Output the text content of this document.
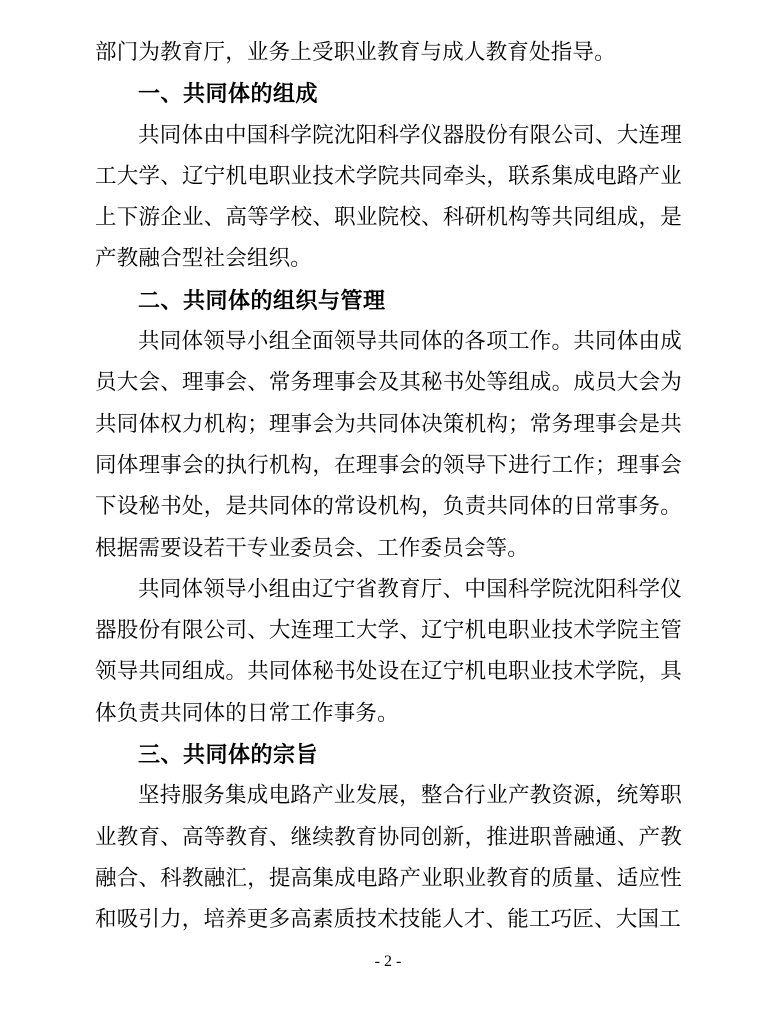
部门为教育厅，业务上受职业教育与成人教育处指导。

一、共同体的组成

共同体由中国科学院沈阳科学仪器股份有限公司、大连理工大学、辽宁机电职业技术学院共同牵头，联系集成电路产业上下游企业、高等学校、职业院校、科研机构等共同组成，是产教融合型社会组织。

二、共同体的组织与管理

共同体领导小组全面领导共同体的各项工作。共同体由成员大会、理事会、常务理事会及其秘书处等组成。成员大会为共同体权力机构；理事会为共同体决策机构；常务理事会是共同体理事会的执行机构，在理事会的领导下进行工作；理事会下设秘书处，是共同体的常设机构，负责共同体的日常事务。根据需要设若干专业委员会、工作委员会等。

共同体领导小组由辽宁省教育厅、中国科学院沈阳科学仪器股份有限公司、大连理工大学、辽宁机电职业技术学院主管领导共同组成。共同体秘书处设在辽宁机电职业技术学院，具体负责共同体的日常工作事务。

三、共同体的宗旨

坚持服务集成电路产业发展，整合行业产教资源，统筹职业教育、高等教育、继续教育协同创新，推进职普融通、产教融合、科教融汇，提高集成电路产业职业教育的质量、适应性和吸引力，培养更多高素质技术技能人才、能工巧匠、大国工

- 2 -
